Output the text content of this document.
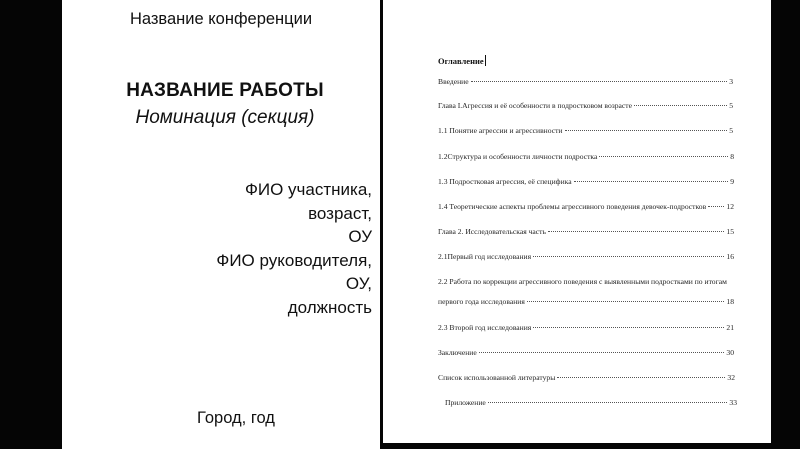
Название конференции
НАЗВАНИЕ РАБОТЫ
Номинация (секция)
ФИО участника,
возраст,
ОУ
ФИО руководителя,
ОУ,
должность
Город, год
Оглавление
Введение	3
Глава I.Агрессия и её особенности в подростковом возрасте	5
1.1 Понятие агрессии и агрессивности	5
1.2Структура и особенности личности подростка	8
1.3 Подростковая агрессия, её специфика	9
1.4 Теоретические аспекты проблемы агрессивного поведения девочек-подростков	12
Глава 2. Исследовательская часть	15
2.1Первый год исследования	16
2.2 Работа по коррекции агрессивного поведения с выявленными подростками по итогам
первого года исследования	18
2.3 Второй год исследования	21
Заключение	30
Список использованной литературы	32
Приложение	33
